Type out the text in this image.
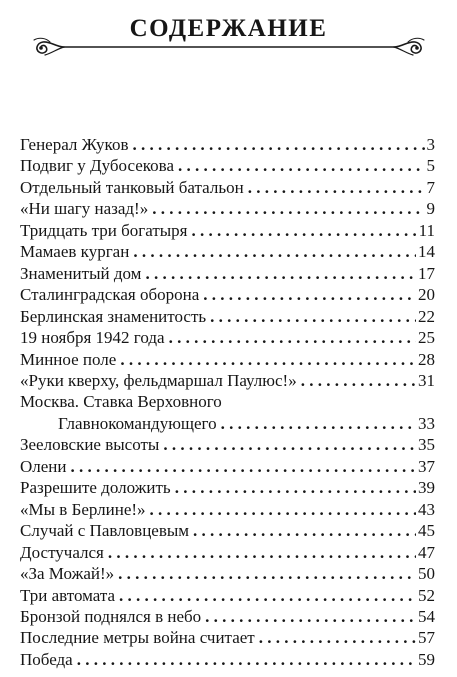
СОДЕРЖАНИЕ
Генерал Жуков . . .	3
Подвиг у Дубосекова . . .	5
Отдельный танковый батальон . . .	7
«Ни шагу назад!» . . .	9
Тридцать три богатыря . . .	11
Мамаев курган . . .	14
Знаменитый дом . . .	17
Сталинградская оборона . . .	20
Берлинская знаменитость . . .	22
19 ноября 1942 года . . .	25
Минное поле . . .	28
«Руки кверху, фельдмаршал Паулюс!» . . .	31
Москва. Ставка Верховного
Главнокомандующего . . .	33
Зееловские высоты . . .	35
Олени . . .	37
Разрешите доложить . . .	39
«Мы в Берлине!» . . .	43
Случай с Павловцевым . . .	45
Достучался . . .	47
«За Можай!» . . .	50
Три автомата . . .	52
Бронзой поднялся в небо . . .	54
Последние метры война считает . . .	57
Победа . . .	59
